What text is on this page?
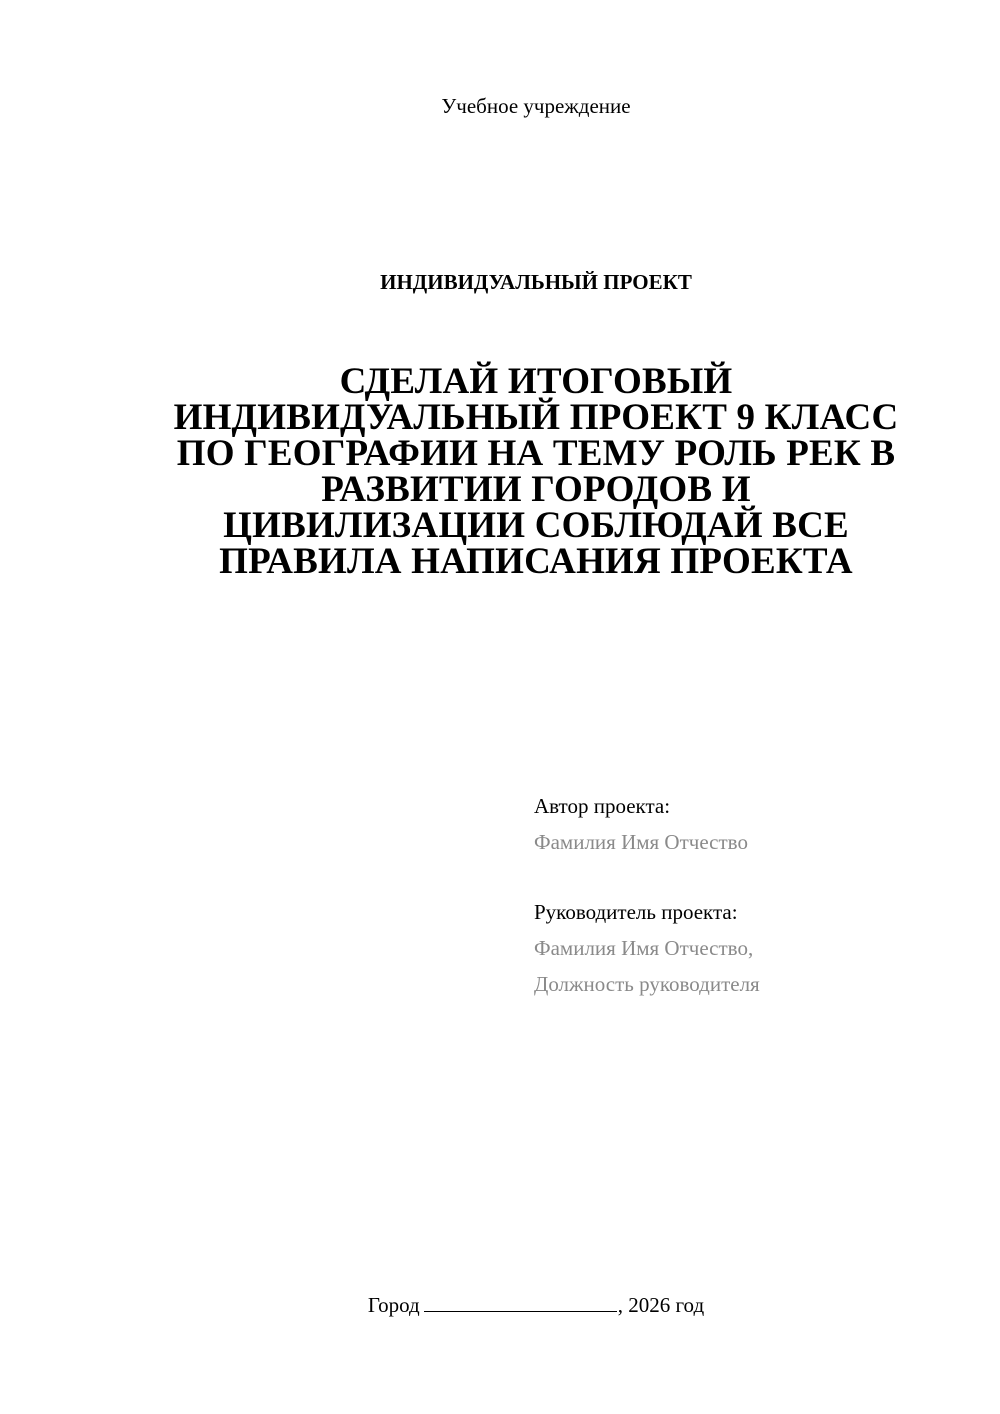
Учебное учреждение
ИНДИВИДУАЛЬНЫЙ ПРОЕКТ
СДЕЛАЙ ИТОГОВЫЙ
ИНДИВИДУАЛЬНЫЙ ПРОЕКТ 9 КЛАСС
ПО ГЕОГРАФИИ НА ТЕМУ РОЛЬ РЕК В
РАЗВИТИИ ГОРОДОВ И
ЦИВИЛИЗАЦИИ СОБЛЮДАЙ ВСЕ
ПРАВИЛА НАПИСАНИЯ ПРОЕКТА
Автор проекта:
Фамилия Имя Отчество
Руководитель проекта:
Фамилия Имя Отчество,
Должность руководителя
Город	, 2026 год
